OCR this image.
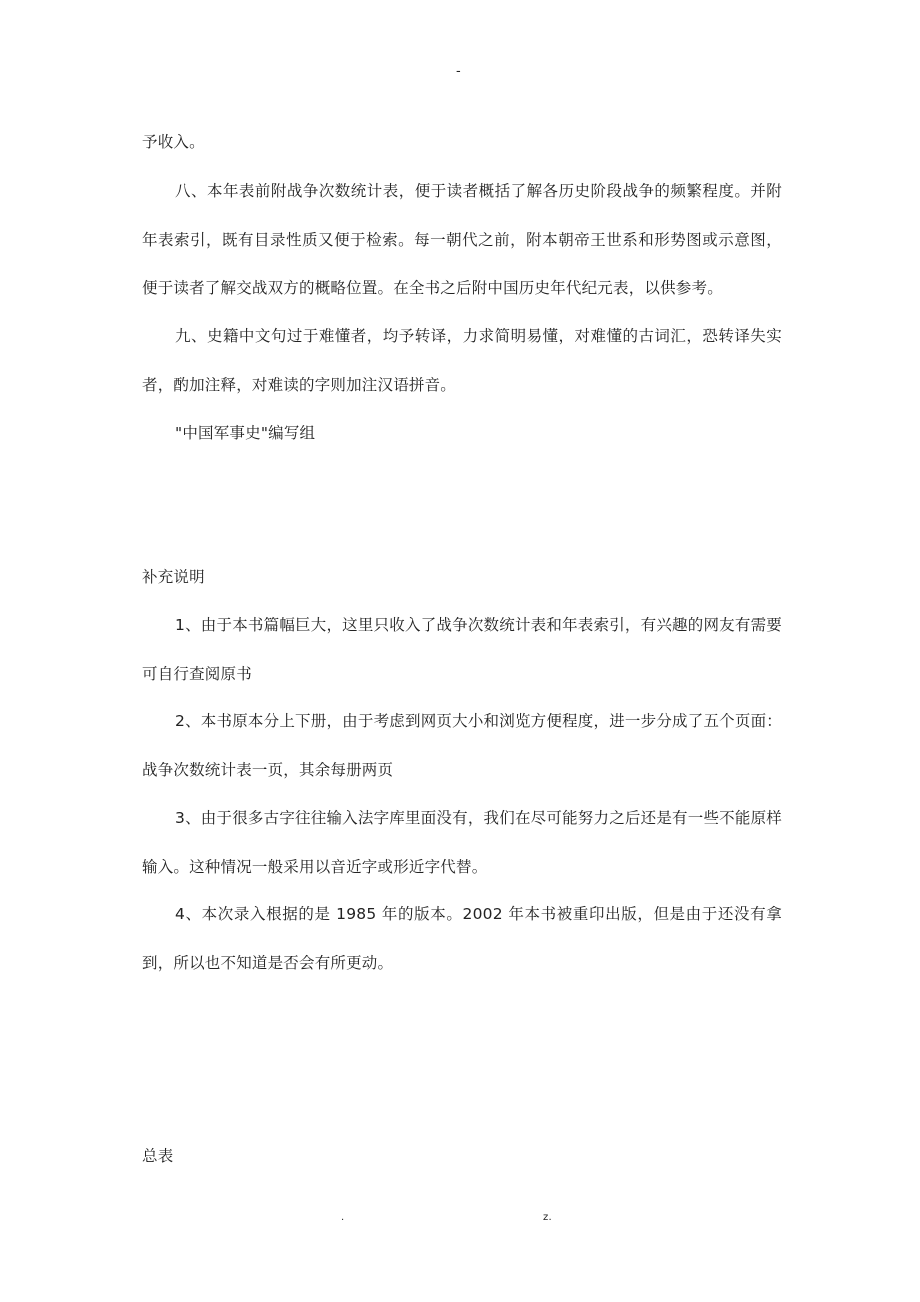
-
予收入。
八、本年表前附战争次数统计表，便于读者概括了解各历史阶段战争的频繁程度。并附年表索引，既有目录性质又便于检索。每一朝代之前，附本朝帝王世系和形势图或示意图，便于读者了解交战双方的概略位置。在全书之后附中国历史年代纪元表，以供参考。
九、史籍中文句过于难懂者，均予转译，力求简明易懂，对难懂的古词汇，恐转译失实者，酌加注释，对难读的字则加注汉语拼音。
"中国军事史"编写组
补充说明
1、由于本书篇幅巨大，这里只收入了战争次数统计表和年表索引，有兴趣的网友有需要可自行查阅原书
2、本书原本分上下册，由于考虑到网页大小和浏览方便程度，进一步分成了五个页面：战争次数统计表一页，其余每册两页
3、由于很多古字往往输入法字库里面没有，我们在尽可能努力之后还是有一些不能原样输入。这种情况一般采用以音近字或形近字代替。
4、本次录入根据的是 1985 年的版本。2002 年本书被重印出版，但是由于还没有拿到，所以也不知道是否会有所更动。
总表
.	z.
